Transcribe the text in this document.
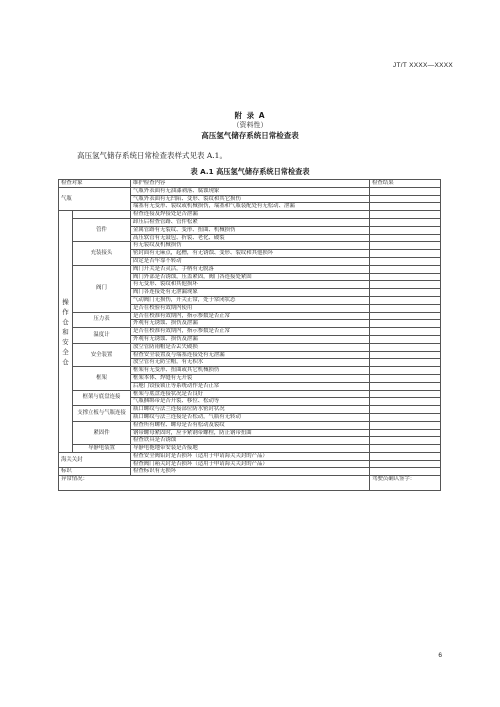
JT/T XXXX—XXXX
附 录 A
（资料性）
高压氢气储存系统日常检查表
高压氢气储存系统日常检查表样式见表 A.1。
表 A.1 高压氢气储存系统日常检查表
检查对象		维护检查内容	检查结果
气瓶		气瓶外表面有无油漆剥落、腐蚀现象	
		气瓶外表面有无凹陷、变形、裂纹和其它损伤	
		端塞有无变形、裂纹或机械损伤，端塞和气瓶装配处有无松动、泄漏	
操作仓和安全仓		检查连接及焊接处是否泄漏	
	管件	卸压后检查管路、管件松紧	
		金属管路有无裂纹、变形、扭曲、机械损伤	
		高压软管有无鼓包、折裂、老化、破裂	
	充装接头	有无裂纹及机械损伤	
		密封面有无麻点，起槽，有无锈蚀、变形、裂纹和其他损坏	
		固定是否牢靠不转动	
	阀门	阀门开关是否灵活，手柄有无脱落	
		阀门外部是否锈蚀，压盖紧固，阀门各连接处紧固	
		有无变形、裂纹和其他损坏	
		阀门各连接处有无泄漏现象	
		气动阀门无损伤，开关正常，处于常闭状态	
		是否在校验有效期内使用	
	压力表	是否在校准有效期内，指示参数是否正常	
		外观有无锈蚀、损伤及泄漏	
	温度计	是否在校准有效期内，指示参数是否正常	
		外观有无锈蚀、损伤及泄漏	
	安全装置	放空管防雨帽是否丢失破损	
		检查安全装置及与端塞连接处有无泄漏	
		放空管有无防尘帽，有无积水	
	框架	框架有无变形、扭曲或其它机械损伤	
		框架本体、焊缝有无开裂	
		后舱门铰接锁止等系统动作是否正常	
	框架与底盘连接	框架与底盘连接状况是否良好	
		气瓶捆绑带是否开裂、移位、松动等	
	支撑立板与气瓶连接	瓶口螺纹与法兰连接部位防水密封状况	
		瓶口螺纹与法兰连接是否松动，气瓶有无转动	
	紧固件	检查所有螺栓、螺母是否有松动及裂纹	
		钢带螺母紧固时，应卡紧钢带螺栓，防止钢带扭曲	
		检查铁具是否锈蚀	
	导静电装置	导静电拖地带安装是否接地	
海关关封		检查安全阀铅封是否损坏（适用于申请海关关封的产品）	
		检查阀门箱关封是否损坏（适用于申请海关关封的产品）	
标识		检查标识有无损坏	
异常情况：			驾驶员确认签字：
6
